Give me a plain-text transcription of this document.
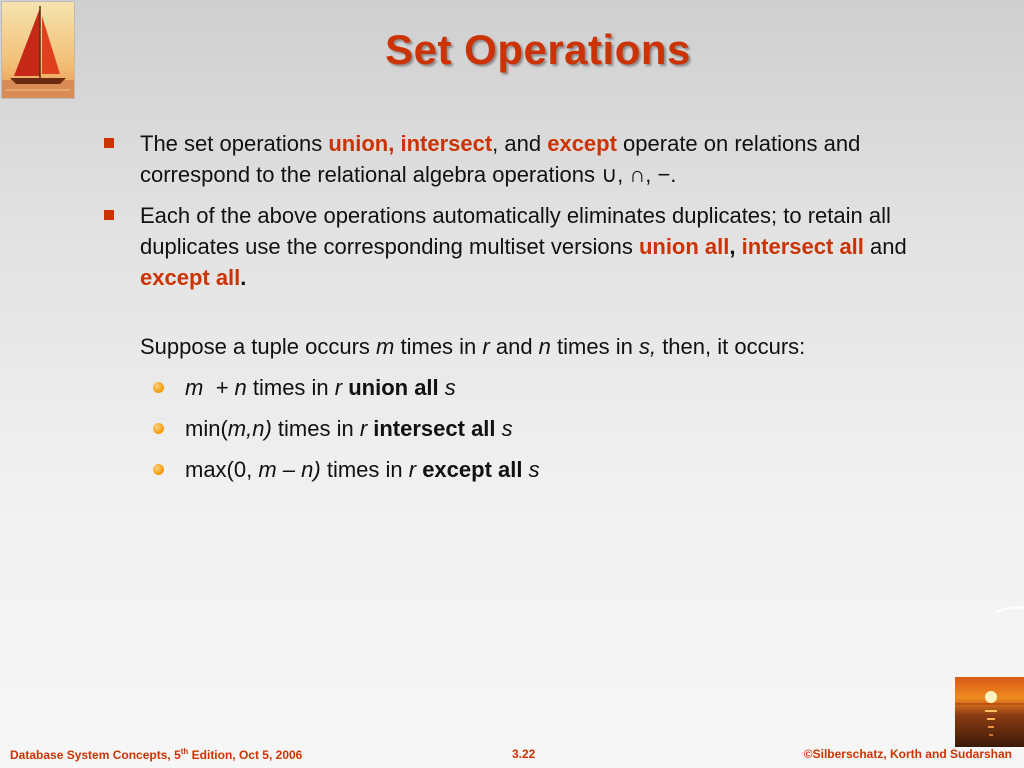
Set Operations
The set operations union, intersect, and except operate on relations and correspond to the relational algebra operations ∪, ∩, −.
Each of the above operations automatically eliminates duplicates; to retain all duplicates use the corresponding multiset versions union all, intersect all and except all.
Suppose a tuple occurs m times in r and n times in s, then, it occurs:
m  + n times in r union all s
min(m,n) times in r intersect all s
max(0, m – n) times in r except all s
Database System Concepts, 5th Edition, Oct 5, 2006	3.22	©Silberschatz, Korth and Sudarshan
